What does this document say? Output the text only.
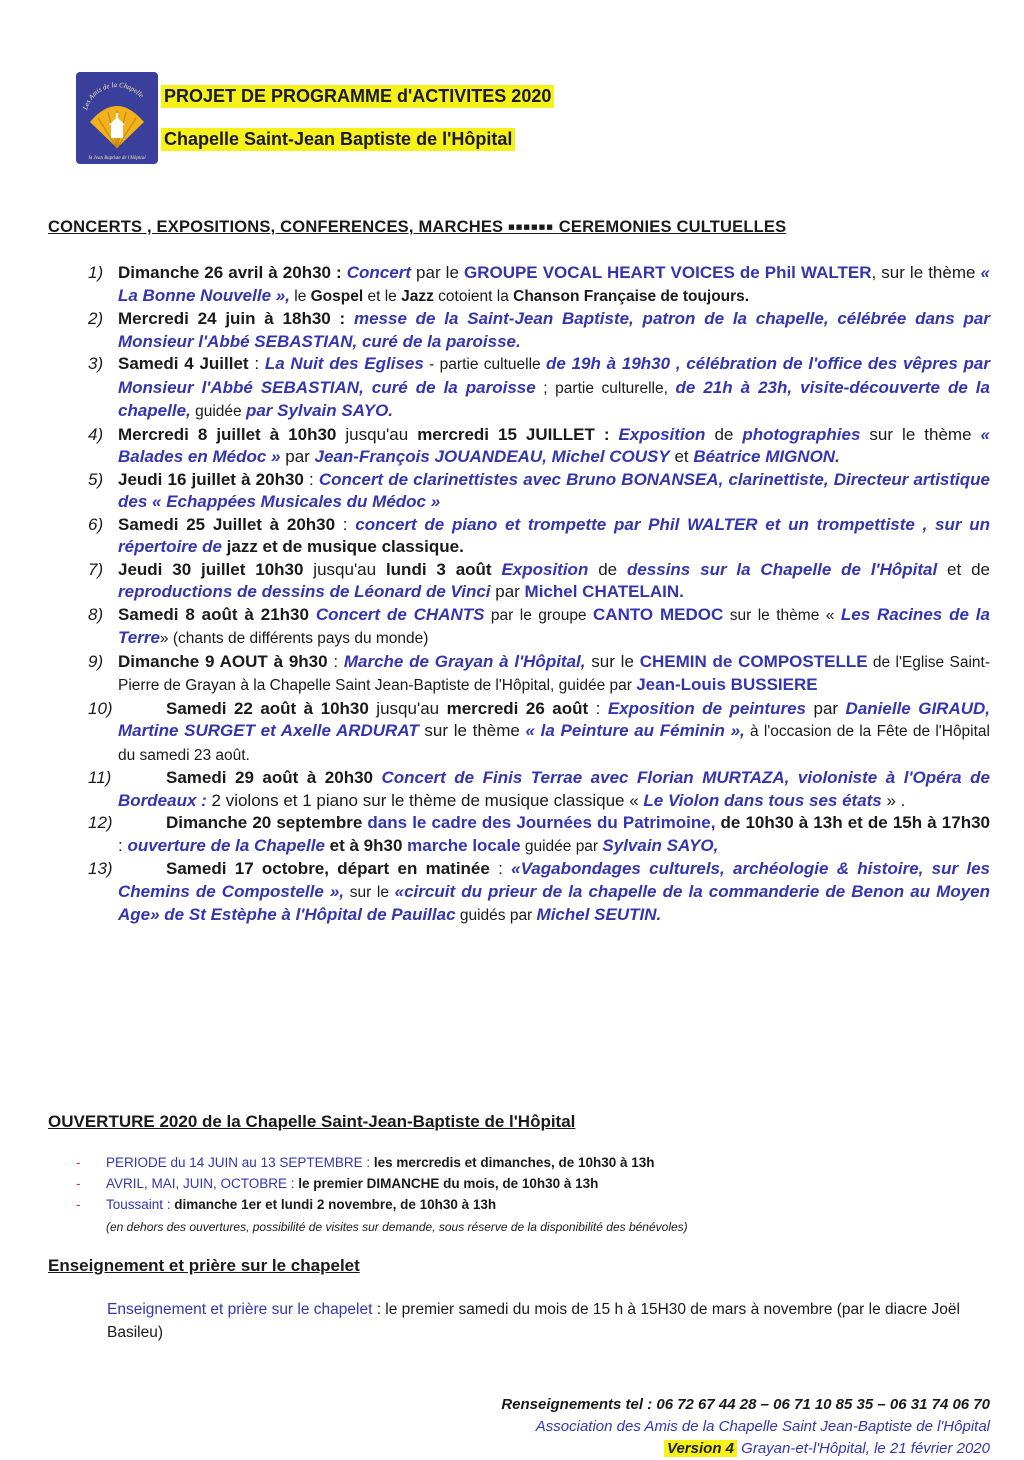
Les Amis de la Chapelle
St Jean Baptiste de l'Hôpital
PROJET DE PROGRAMME d'ACTIVITES 2020
Chapelle Saint-Jean Baptiste de l'Hôpital
CONCERTS , EXPOSITIONS, CONFERENCES, MARCHES ■■■■■■ CEREMONIES CULTUELLES
1) Dimanche 26 avril à 20h30 : Concert par le GROUPE VOCAL HEART VOICES de Phil WALTER, sur le thème « La Bonne Nouvelle », le Gospel et le Jazz cotoient la Chanson Française de toujours.
2) Mercredi 24 juin à 18h30 : messe de la Saint-Jean Baptiste, patron de la chapelle, célébrée dans par Monsieur l'Abbé SEBASTIAN, curé de la paroisse.
3) Samedi 4 Juillet : La Nuit des Eglises - partie cultuelle de 19h à 19h30 , célébration de l'office des vêpres par Monsieur l'Abbé SEBASTIAN, curé de la paroisse ; partie culturelle, de 21h à 23h, visite-découverte de la chapelle, guidée par Sylvain SAYO.
4) Mercredi 8 juillet à 10h30 jusqu'au mercredi 15 JUILLET : Exposition de photographies sur le thème « Balades en Médoc » par Jean-François JOUANDEAU, Michel COUSY et Béatrice MIGNON.
5) Jeudi 16 juillet à 20h30 : Concert de clarinettistes avec Bruno BONANSEA, clarinettiste, Directeur artistique des « Echappées Musicales du Médoc »
6) Samedi 25 Juillet à 20h30 : concert de piano et trompette par Phil WALTER et un trompettiste , sur un répertoire de jazz et de musique classique.
7) Jeudi 30 juillet 10h30 jusqu'au lundi 3 août Exposition de dessins sur la Chapelle de l'Hôpital et de reproductions de dessins de Léonard de Vinci par Michel CHATELAIN.
8) Samedi 8 août à 21h30 Concert de CHANTS par le groupe CANTO MEDOC sur le thème « Les Racines de la Terre» (chants de différents pays du monde)
9) Dimanche 9 AOUT à 9h30 : Marche de Grayan à l'Hôpital, sur le CHEMIN de COMPOSTELLE de l'Eglise Saint-Pierre de Grayan à la Chapelle Saint Jean-Baptiste de l'Hôpital, guidée par Jean-Louis BUSSIERE
10)	Samedi 22 août à 10h30 jusqu'au mercredi 26 août : Exposition de peintures par Danielle GIRAUD, Martine SURGET et Axelle ARDURAT sur le thème « la Peinture au Féminin », à l'occasion de la Fête de l'Hôpital du samedi 23 août.
11)	Samedi 29 août à 20h30 Concert de Finis Terrae avec Florian MURTAZA, violoniste à l'Opéra de Bordeaux : 2 violons et 1 piano sur le thème de musique classique « Le Violon dans tous ses états » .
12)	Dimanche 20 septembre dans le cadre des Journées du Patrimoine, de 10h30 à 13h et de 15h à 17h30 : ouverture de la Chapelle et à 9h30 marche locale guidée par Sylvain SAYO,
13)	Samedi 17 octobre, départ en matinée : «Vagabondages culturels, archéologie & histoire, sur les Chemins de Compostelle », sur le «circuit du prieur de la chapelle de la commanderie de Benon au Moyen Age» de St Estèphe à l'Hôpital de Pauillac guidés par Michel SEUTIN.
OUVERTURE 2020 de la Chapelle Saint-Jean-Baptiste de l'Hôpital
- PERIODE du 14 JUIN au 13 SEPTEMBRE : les mercredis et dimanches, de 10h30 à 13h
- AVRIL, MAI, JUIN, OCTOBRE : le premier DIMANCHE du mois, de 10h30 à 13h
- Toussaint : dimanche 1er et lundi 2 novembre, de 10h30 à 13h
(en dehors des ouvertures, possibilité de visites sur demande, sous réserve de la disponibilité des bénévoles)
Enseignement et prière sur le chapelet
Enseignement et prière sur le chapelet : le premier samedi du mois de 15 h à 15H30 de mars à novembre (par le diacre Joël Basileu)
Renseignements tel : 06 72 67 44 28 – 06 71 10 85 35 – 06 31 74 06 70
Association des Amis de la Chapelle Saint Jean-Baptiste de l'Hôpital
Version 4 Grayan-et-l'Hôpital, le 21 février 2020
